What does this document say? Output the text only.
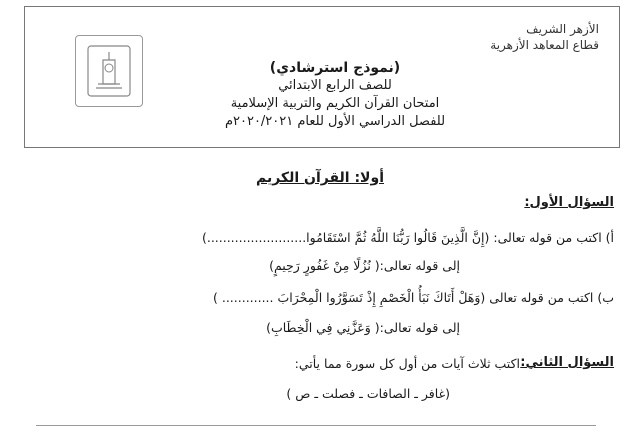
الأزهر الشريف
قطاع المعاهد الأزهرية
(نموذج استرشادي)
للصف الرابع الابتدائي
امتحان القرآن الكريم والتربية الإسلامية
للفصل الدراسي الأول للعام ٢٠٢٠/٢٠٢١م
أولا: القرآن الكريم
السؤال الأول:
أ) اكتب من قوله تعالى: (إِنَّ الَّذِينَ قَالُوا رَبُّنَا اللَّهُ ثُمَّ اسْتَقَامُوا.........................)
إلى قوله تعالى:( نُزُلًا مِنْ غَفُورٍ رَحِيمٍ)
ب) اكتب من قوله تعالى (وَهَلْ أَتَاكَ نَبَأُ الْخَصْمِ إِذْ تَسَوَّرُوا الْمِحْرَابَ ............. )
إلى قوله تعالى:( وَعَزَّنِي فِي الْخِطَابِ)
السؤال الثاني:
اكتب ثلاث آيات من أول كل سورة مما يأتي:
(غافر ـ الصافات ـ فصلت ـ ص )
